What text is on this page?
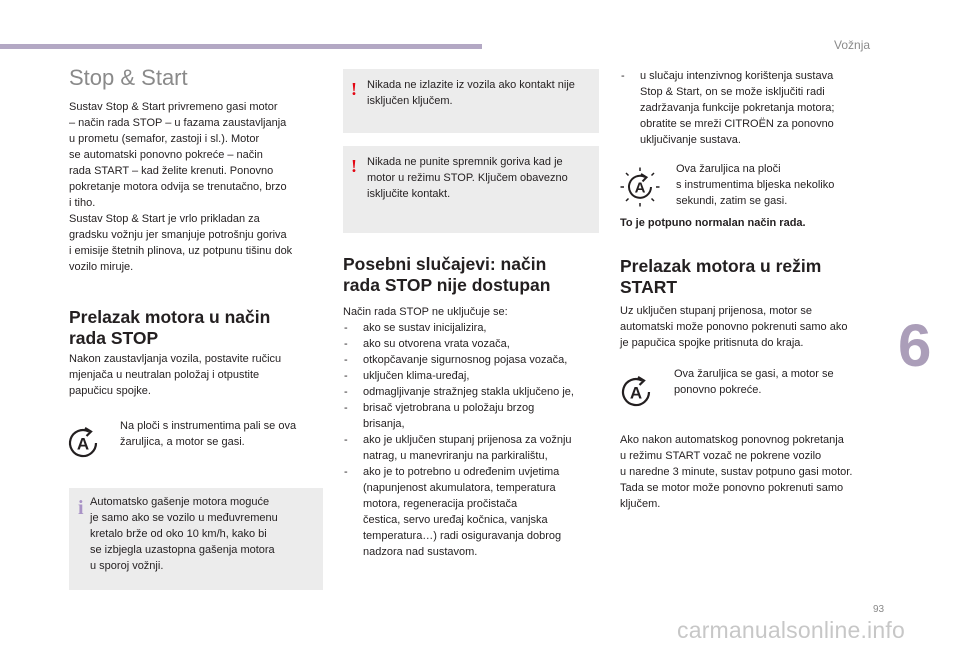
Vožnja
6
93
carmanualsonline.info
Stop & Start
Sustav Stop & Start privremeno gasi motor
– način rada STOP – u fazama zaustavljanja
u prometu (semafor, zastoji i sl.). Motor
se automatski ponovno pokreće – način
rada START – kad želite krenuti. Ponovno
pokretanje motora odvija se trenutačno, brzo
i tiho.
Sustav Stop & Start je vrlo prikladan za
gradsku vožnju jer smanjuje potrošnju goriva
i emisije štetnih plinova, uz potpunu tišinu dok
vozilo miruje.
Prelazak motora u način
rada STOP
Nakon zaustavljanja vozila, postavite ručicu
mjenjača u neutralan položaj i otpustite
papučicu spojke.
A
Na ploči s instrumentima pali se ova
žaruljica, a motor se gasi.
i Automatsko gašenje motora moguće
je samo ako se vozilo u međuvremenu
kretalo brže od oko 10 km/h, kako bi
se izbjegla uzastopna gašenja motora
u sporoj vožnji.
! Nikada ne izlazite iz vozila ako kontakt nije
isključen ključem.
! Nikada ne punite spremnik goriva kad je
motor u režimu STOP. Ključem obavezno
isključite kontakt.
Posebni slučajevi: način
rada STOP nije dostupan
Način rada STOP ne uključuje se:
- ako se sustav inicijalizira,
- ako su otvorena vrata vozača,
- otkopčavanje sigurnosnog pojasa vozača,
- uključen klima-uređaj,
- odmagljivanje stražnjeg stakla uključeno je,
- brisač vjetrobrana u položaju brzog
brisanja,
- ako je uključen stupanj prijenosa za vožnju
natrag, u manevriranju na parkiralištu,
- ako je to potrebno u određenim uvjetima
(napunjenost akumulatora, temperatura
motora, regeneracija pročistača
čestica, servo uređaj kočnica, vanjska
temperatura…) radi osiguravanja dobrog
nadzora nad sustavom.
- u slučaju intenzivnog korištenja sustava
Stop & Start, on se može isključiti radi
zadržavanja funkcije pokretanja motora;
obratite se mreži CITROËN za ponovno
uključivanje sustava.
A
Ova žaruljica na ploči
s instrumentima bljeska nekoliko
sekundi, zatim se gasi.
To je potpuno normalan način rada.
Prelazak motora u režim
START
Uz uključen stupanj prijenosa, motor se
automatski može ponovno pokrenuti samo ako
je papučica spojke pritisnuta do kraja.
A
Ova žaruljica se gasi, a motor se
ponovno pokreće.
Ako nakon automatskog ponovnog pokretanja
u režimu START vozač ne pokrene vozilo
u naredne 3 minute, sustav potpuno gasi motor.
Tada se motor može ponovno pokrenuti samo
ključem.
